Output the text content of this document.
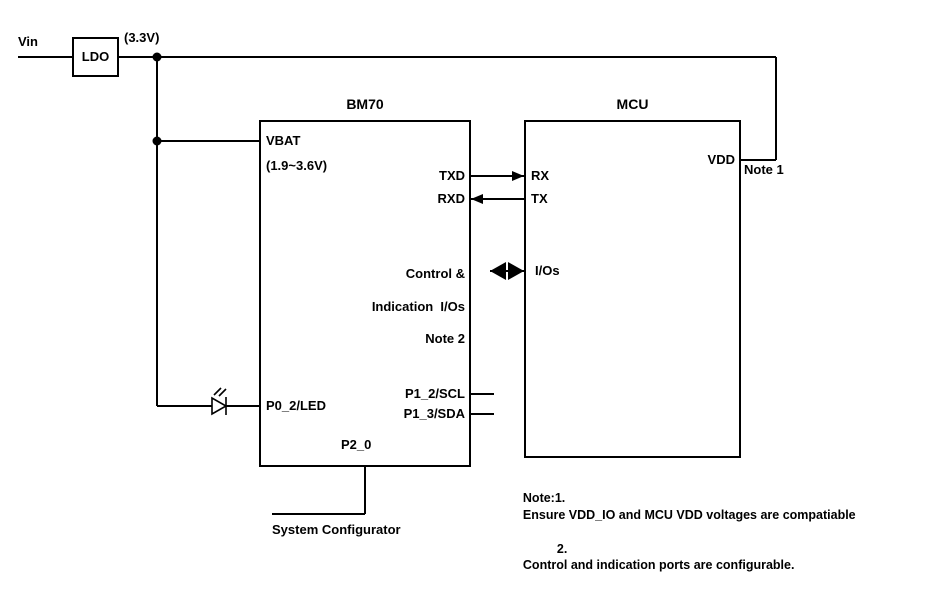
LDO
Vin	(3.3V)
BM70	MCU
VBAT
(1.9~3.6V)
TXD
RXD

Control &

Indication  I/Os

Note 2

P0_2/LED
P1_2/SCL
P1_3/SDA
P2_0
System Configurator
RX
TX
I/Os
VDD
Note 1

Note:1.
Ensure VDD_IO and MCU VDD voltages are compatiable

2.
Control and indication ports are configurable.
